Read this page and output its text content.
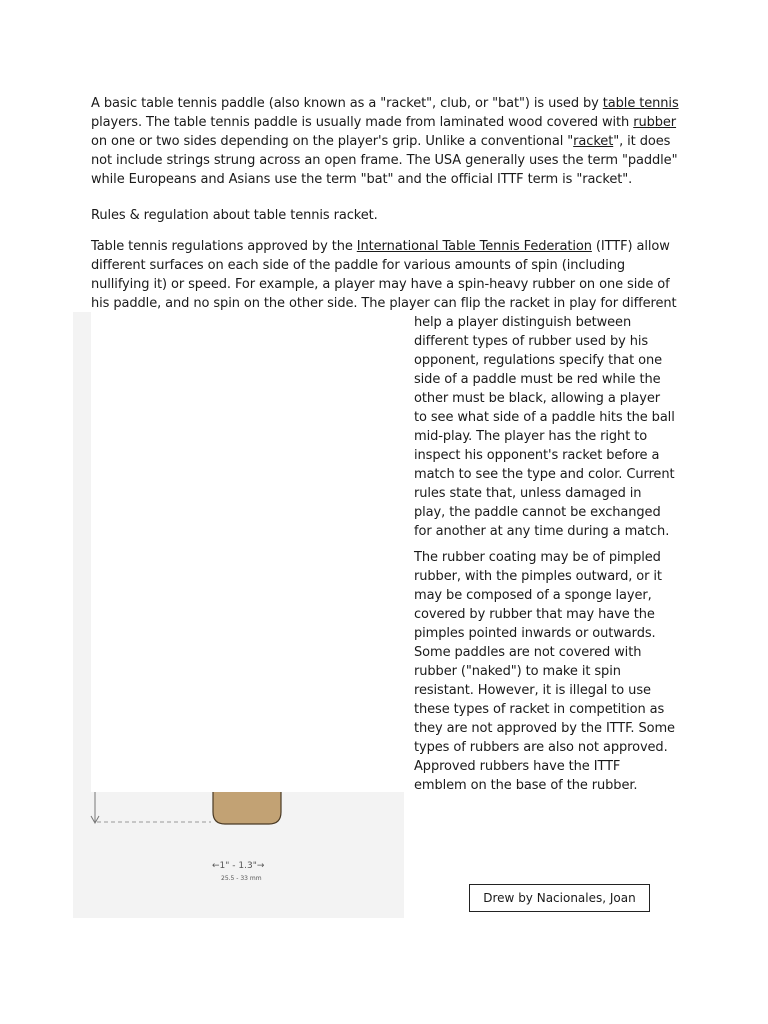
A basic table tennis paddle (also known as a "racket", club, or "bat") is used by table tennis players. The table tennis paddle is usually made from laminated wood covered with rubber on one or two sides depending on the player's grip. Unlike a conventional "racket", it does not include strings strung across an open frame. The USA generally uses the term "paddle" while Europeans and Asians use the term "bat" and the official ITTF term is "racket".

Rules & regulation about table tennis racket.

Table tennis regulations approved by the International Table Tennis Federation (ITTF) allow different surfaces on each side of the paddle for various amounts of spin (including nullifying it) or speed. For example, a player may have a spin-heavy rubber on one side of his paddle, and no spin on the other side. The player can flip the racket in play for different

←1" - 1.3"→
25.5 - 33 mm

help a player distinguish between different types of rubber used by his opponent, regulations specify that one side of a paddle must be red while the other must be black, allowing a player to see what side of a paddle hits the ball mid-play. The player has the right to inspect his opponent's racket before a match to see the type and color. Current rules state that, unless damaged in play, the paddle cannot be exchanged for another at any time during a match.

The rubber coating may be of pimpled rubber, with the pimples outward, or it may be composed of a sponge layer, covered by rubber that may have the pimples pointed inwards or outwards. Some paddles are not covered with rubber ("naked") to make it spin resistant. However, it is illegal to use these types of racket in competition as they are not approved by the ITTF. Some types of rubbers are also not approved. Approved rubbers have the ITTF emblem on the base of the rubber.

Drew by Nacionales, Joan
